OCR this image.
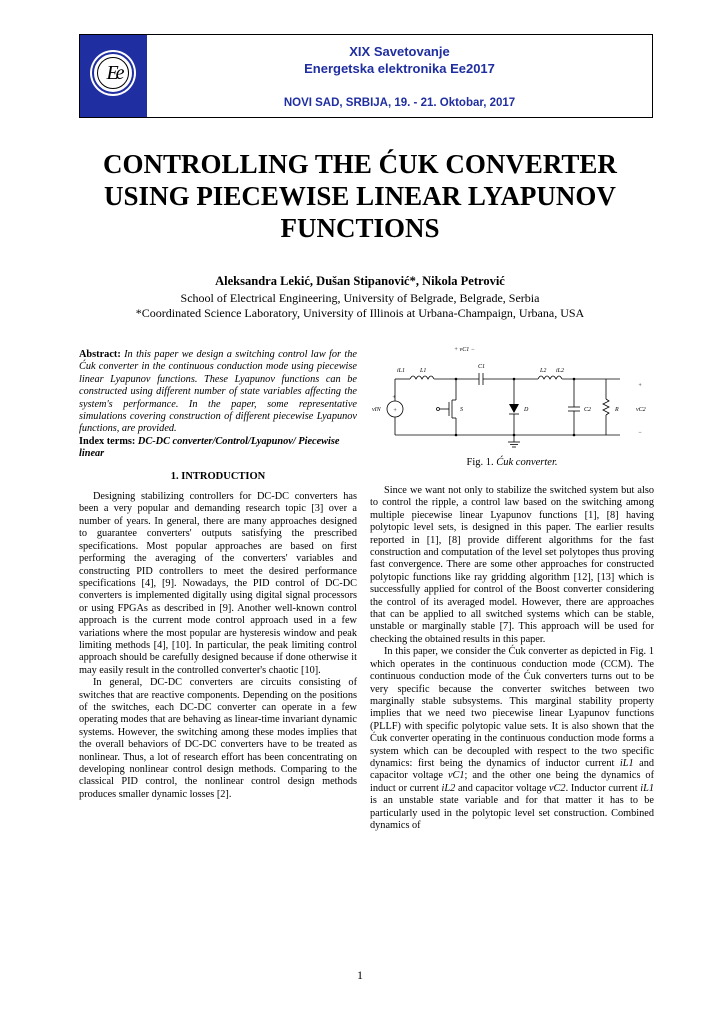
Ee
XIX Savetovanje
Energetska elektronika Ee2017
NOVI SAD, SRBIJA, 19. - 21. Oktobar, 2017
CONTROLLING THE ĆUK CONVERTER
USING PIECEWISE LINEAR LYAPUNOV
FUNCTIONS
Aleksandra Lekić, Dušan Stipanović*, Nikola Petrović
School of Electrical Engineering, University of Belgrade, Belgrade, Serbia
*Coordinated Science Laboratory, University of Illinois at Urbana-Champaign, Urbana, USA

Abstract: In this paper we design a switching control law for the Ćuk converter in the continuous conduction mode using piecewise linear Lyapunov functions. These Lyapunov functions can be constructed using different number of state variables affecting the system's performance. In the paper, some representative simulations covering construction of different piecewise Lyapunov functions, are provided.

Index terms: DC-DC converter/Control/Lyapunov/ Piecewise linear

1. INTRODUCTION

Designing stabilizing controllers for DC-DC converters has been a very popular and demanding research topic [3] over a number of years. In general, there are many approaches designed to guarantee converters' outputs satisfying the prescribed specifications. Most popular approaches are based on first performing the averaging of the converters' variables and constructing PID controllers to meet the desired performance specifications [4], [9]. Nowadays, the PID control of DC-DC converters is implemented digitally using digital signal processors or using FPGAs as described in [9]. Another well-known control approach is the current mode control approach used in a few variations where the most popular are hysteresis window and peak limiting methods [4], [10]. In particular, the peak limiting control approach should be carefully designed because if done otherwise it may easily result in the controlled converter's chaotic [10].

In general, DC-DC converters are circuits consisting of switches that are reactive components. Depending on the positions of the switches, each DC-DC converter can operate in a few operating modes that are behaving as linear-time invariant dynamic systems. However, the switching among these modes implies that the overall behaviors of DC-DC converters have to be treated as nonlinear. Thus, a lot of research effort has been concentrating on developing nonlinear control design methods. Comparing to the classical PID control, the nonlinear control design methods produces smaller dynamic losses [2].

+ vC1 −
iL1 L1
C1
L2 iL2
vIN
+
+	S	D	C2	R	vC2
+
−
Fig. 1. Ćuk converter.

Since we want not only to stabilize the switched system but also to control the ripple, a control law based on the switching among multiple piecewise linear Lyapunov functions [1], [8] having polytopic level sets, is designed in this paper. The earlier results reported in [1], [8] provide different algorithms for the fast construction and computation of the level set polytopes thus proving fast convergence. There are some other approaches for constructed polytopic functions like ray gridding algorithm [12], [13] which is successfully applied for control of the Boost converter considering the control of its averaged model. However, there are approaches that can be applied to all switched systems which can be stable, unstable or marginally stable [7]. This approach will be used for checking the obtained results in this paper.

In this paper, we consider the Ćuk converter as depicted in Fig. 1 which operates in the continuous conduction mode (CCM). The continuous conduction mode of the Ćuk converters turns out to be very specific because the converter switches between two marginally stable subsystems. This marginal stability property implies that we need two piecewise linear Lyapunov functions (PLLF) with specific polytopic value sets. It is also shown that the Ćuk converter operating in the continuous conduction mode forms a system which can be decoupled with respect to the two specific dynamics: first being the dynamics of inductor current iL1 and capacitor voltage vC1; and the other one being the dynamics of induct or current iL2 and capacitor voltage vC2. Inductor current iL1 is an unstable state variable and for that matter it has to be particularly used in the polytopic level set construction. Combined dynamics of

1
